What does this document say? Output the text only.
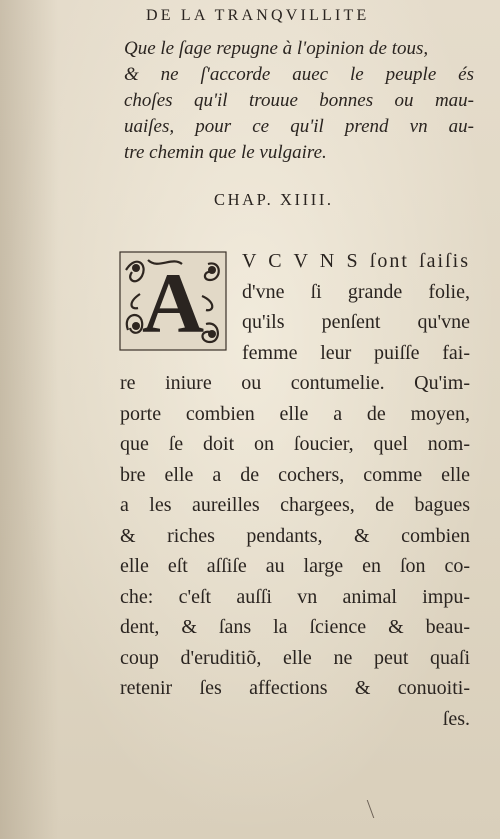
DE LA TRANQVILLITE
Que le ſage repugne à l'opinion de tous,
& ne ſ'accorde auec le peuple és
choſes qu'il trouue bonnes ou mau-
uaiſes, pour ce qu'il prend vn au-
tre chemin que le vulgaire.
CHAP. XIIII.
A V C V N S ſont ſaiſis
d'vne ſi grande folie,
qu'ils penſent qu'vne
femme leur puiſſe fai-
re iniure ou contumelie. Qu'im-
porte combien elle a de moyen,
que ſe doit on ſoucier, quel nom-
bre elle a de cochers, comme elle
a les aureilles chargees, de bagues
& riches pendants, & combien
elle eſt aſſiſe au large en ſon co-
che: c'eſt auſſi vn animal impu-
dent, & ſans la ſcience & beau-
coup d'eruditiõ, elle ne peut quaſi
retenir ſes affections & conuoiti-
ſes.
